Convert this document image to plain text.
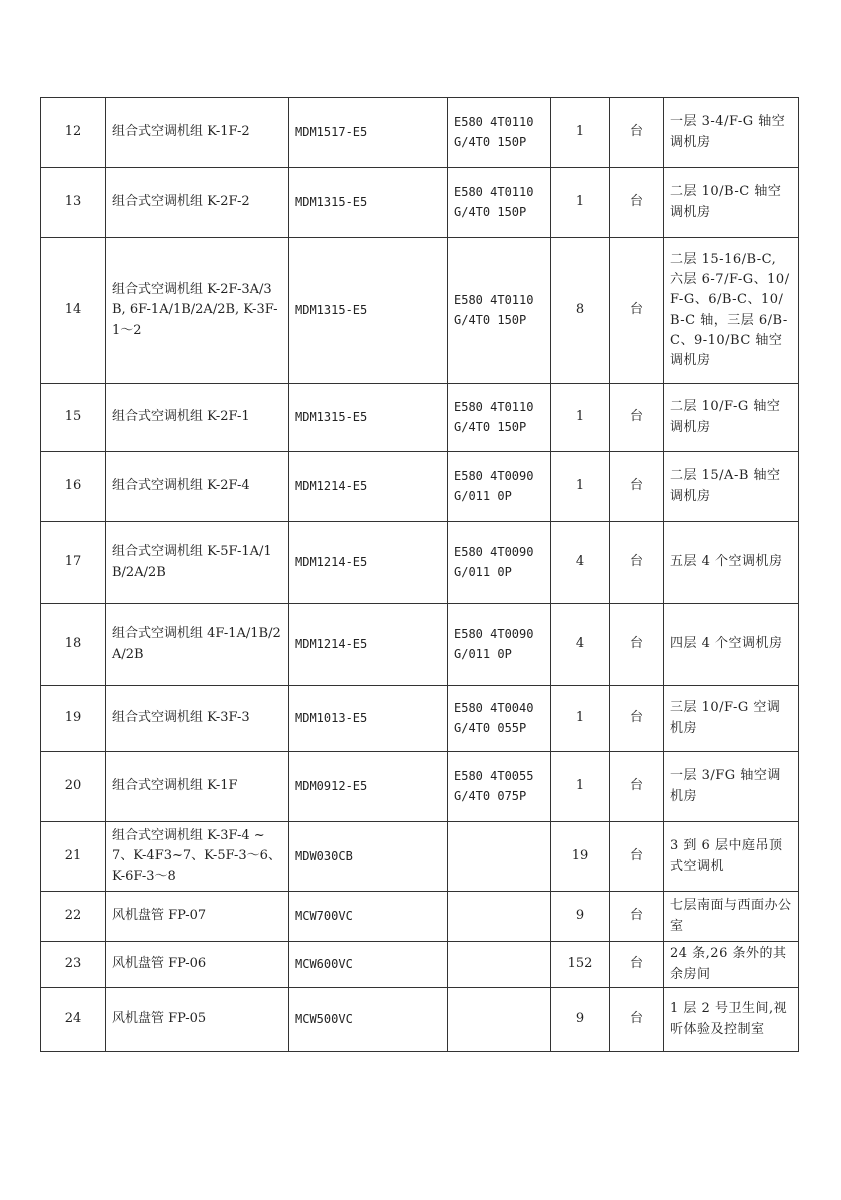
12	组合式空调机组 K-1F-2	MDM1517-E5	E580 4T0110G/4T0 150P	1	台	一层 3-4/F-G 轴空调机房
13	组合式空调机组 K-2F-2	MDM1315-E5	E580 4T0110G/4T0 150P	1	台	二层 10/B-C 轴空调机房
14	组合式空调机组 K-2F-3A/3B, 6F-1A/1B/2A/2B, K-3F-1～2	MDM1315-E5	E580 4T0110G/4T0 150P	8	台	二层 15-16/B-C, 六层 6-7/F-G、10/F-G、6/B-C、10/B-C 轴，三层 6/B-C、9-10/BC 轴空调机房
15	组合式空调机组 K-2F-1	MDM1315-E5	E580 4T0110G/4T0 150P	1	台	二层 10/F-G 轴空调机房
16	组合式空调机组 K-2F-4	MDM1214-E5	E580 4T0090G/011 0P	1	台	二层 15/A-B 轴空调机房
17	组合式空调机组 K-5F-1A/1B/2A/2B	MDM1214-E5	E580 4T0090G/011 0P	4	台	五层 4 个空调机房
18	组合式空调机组 4F-1A/1B/2A/2B	MDM1214-E5	E580 4T0090G/011 0P	4	台	四层 4 个空调机房
19	组合式空调机组 K-3F-3	MDM1013-E5	E580 4T0040G/4T0 055P	1	台	三层 10/F-G 空调机房
20	组合式空调机组 K-1F	MDM0912-E5	E580 4T0055G/4T0 075P	1	台	一层 3/FG 轴空调机房
21	组合式空调机组 K-3F-4 ~7、K-4F3~7、K-5F-3～6、K-6F-3～8	MDW030CB		19	台	3 到 6 层中庭吊顶式空调机
22	风机盘管 FP-07	MCW700VC		9	台	七层南面与西面办公室
23	风机盘管 FP-06	MCW600VC		152	台	24 条,26 条外的其余房间
24	风机盘管 FP-05	MCW500VC		9	台	1 层 2 号卫生间,视听体验及控制室
